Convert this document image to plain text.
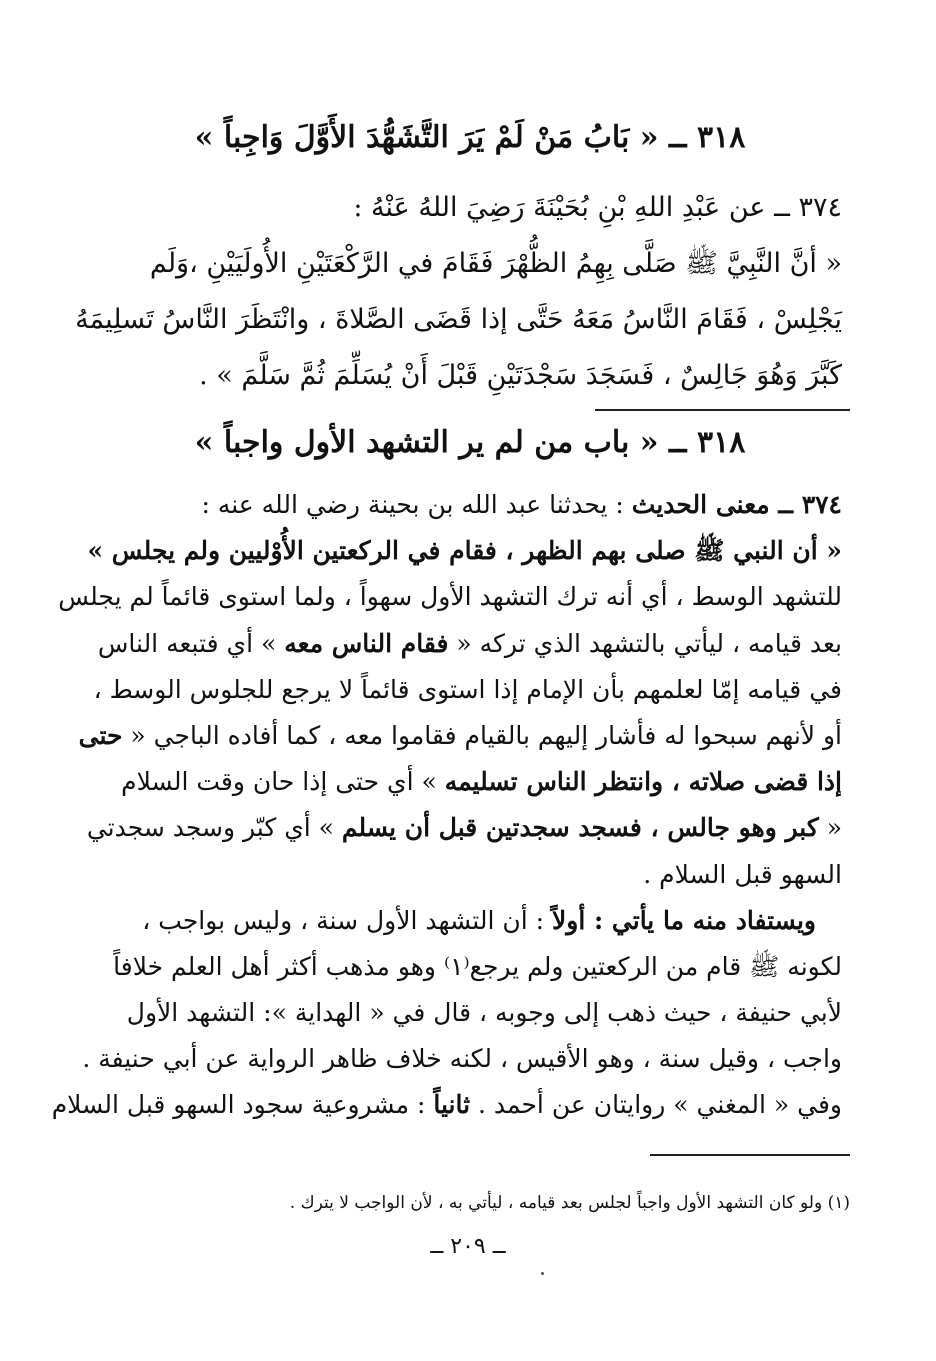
٣١٨ ــ « بَابُ مَنْ لَمْ يَرَ التَّشَهُّدَ الأَوَّلَ وَاجِباً »
٣٧٤ ــ عن عَبْدِ اللهِ بْنِ بُحَيْنَةَ رَضِيَ اللهُ عَنْهُ :
« أنَّ النَّبِيَّ ﷺ صَلَّى بِهِمُ الظُّهْرَ فَقَامَ في الرَّكْعَتَيْنِ الأُولَيَيْنِ ،وَلَم
يَجْلِسْ ، فَقَامَ النَّاسُ مَعَهُ حَتَّى إذا قَضَى الصَّلاةَ ، وانْتَظَرَ النَّاسُ تَسلِيمَهُ
كَبَّرَ وَهُوَ جَالِسٌ ، فَسَجَدَ سَجْدَتَيْنِ قَبْلَ أَنْ يُسَلِّمَ ثُمَّ سَلَّمَ » .
٣١٨ ــ « باب من لم ير التشهد الأول واجباً »
٣٧٤ ــ معنى الحديث : يحدثنا عبد الله بن بحينة رضي الله عنه :
« أن النبي ﷺ صلى بهم الظهر ، فقام في الركعتين الأُوْليين ولم يجلس »
للتشهد الوسط ، أي أنه ترك التشهد الأول سهواً ، ولما استوى قائماً لم يجلس
بعد قيامه ، ليأتي بالتشهد الذي تركه « فقام الناس معه » أي فتبعه الناس
في قيامه إمّا لعلمهم بأن الإمام إذا استوى قائماً لا يرجع للجلوس الوسط ،
أو لأنهم سبحوا له فأشار إليهم بالقيام فقاموا معه ، كما أفاده الباجي « حتى
إذا قضى صلاته ، وانتظر الناس تسليمه » أي حتى إذا حان وقت السلام
« كبر وهو جالس ، فسجد سجدتين قبل أن يسلم » أي كبّر وسجد سجدتي
السهو قبل السلام .
ويستفاد منه ما يأتي : أولاً : أن التشهد الأول سنة ، وليس بواجب ،
لكونه ﷺ قام من الركعتين ولم يرجع⁽١⁾ وهو مذهب أكثر أهل العلم خلافاً
لأبي حنيفة ، حيث ذهب إلى وجوبه ، قال في « الهداية »: التشهد الأول
واجب ، وقيل سنة ، وهو الأقيس ، لكنه خلاف ظاهر الرواية عن أبي حنيفة .
وفي « المغني » روايتان عن أحمد . ثانياً : مشروعية سجود السهو قبل السلام
(١) ولو كان التشهد الأول واجباً لجلس بعد قيامه ، ليأتي به ، لأن الواجب لا يترك .
ــ ٢٠٩ ــ
